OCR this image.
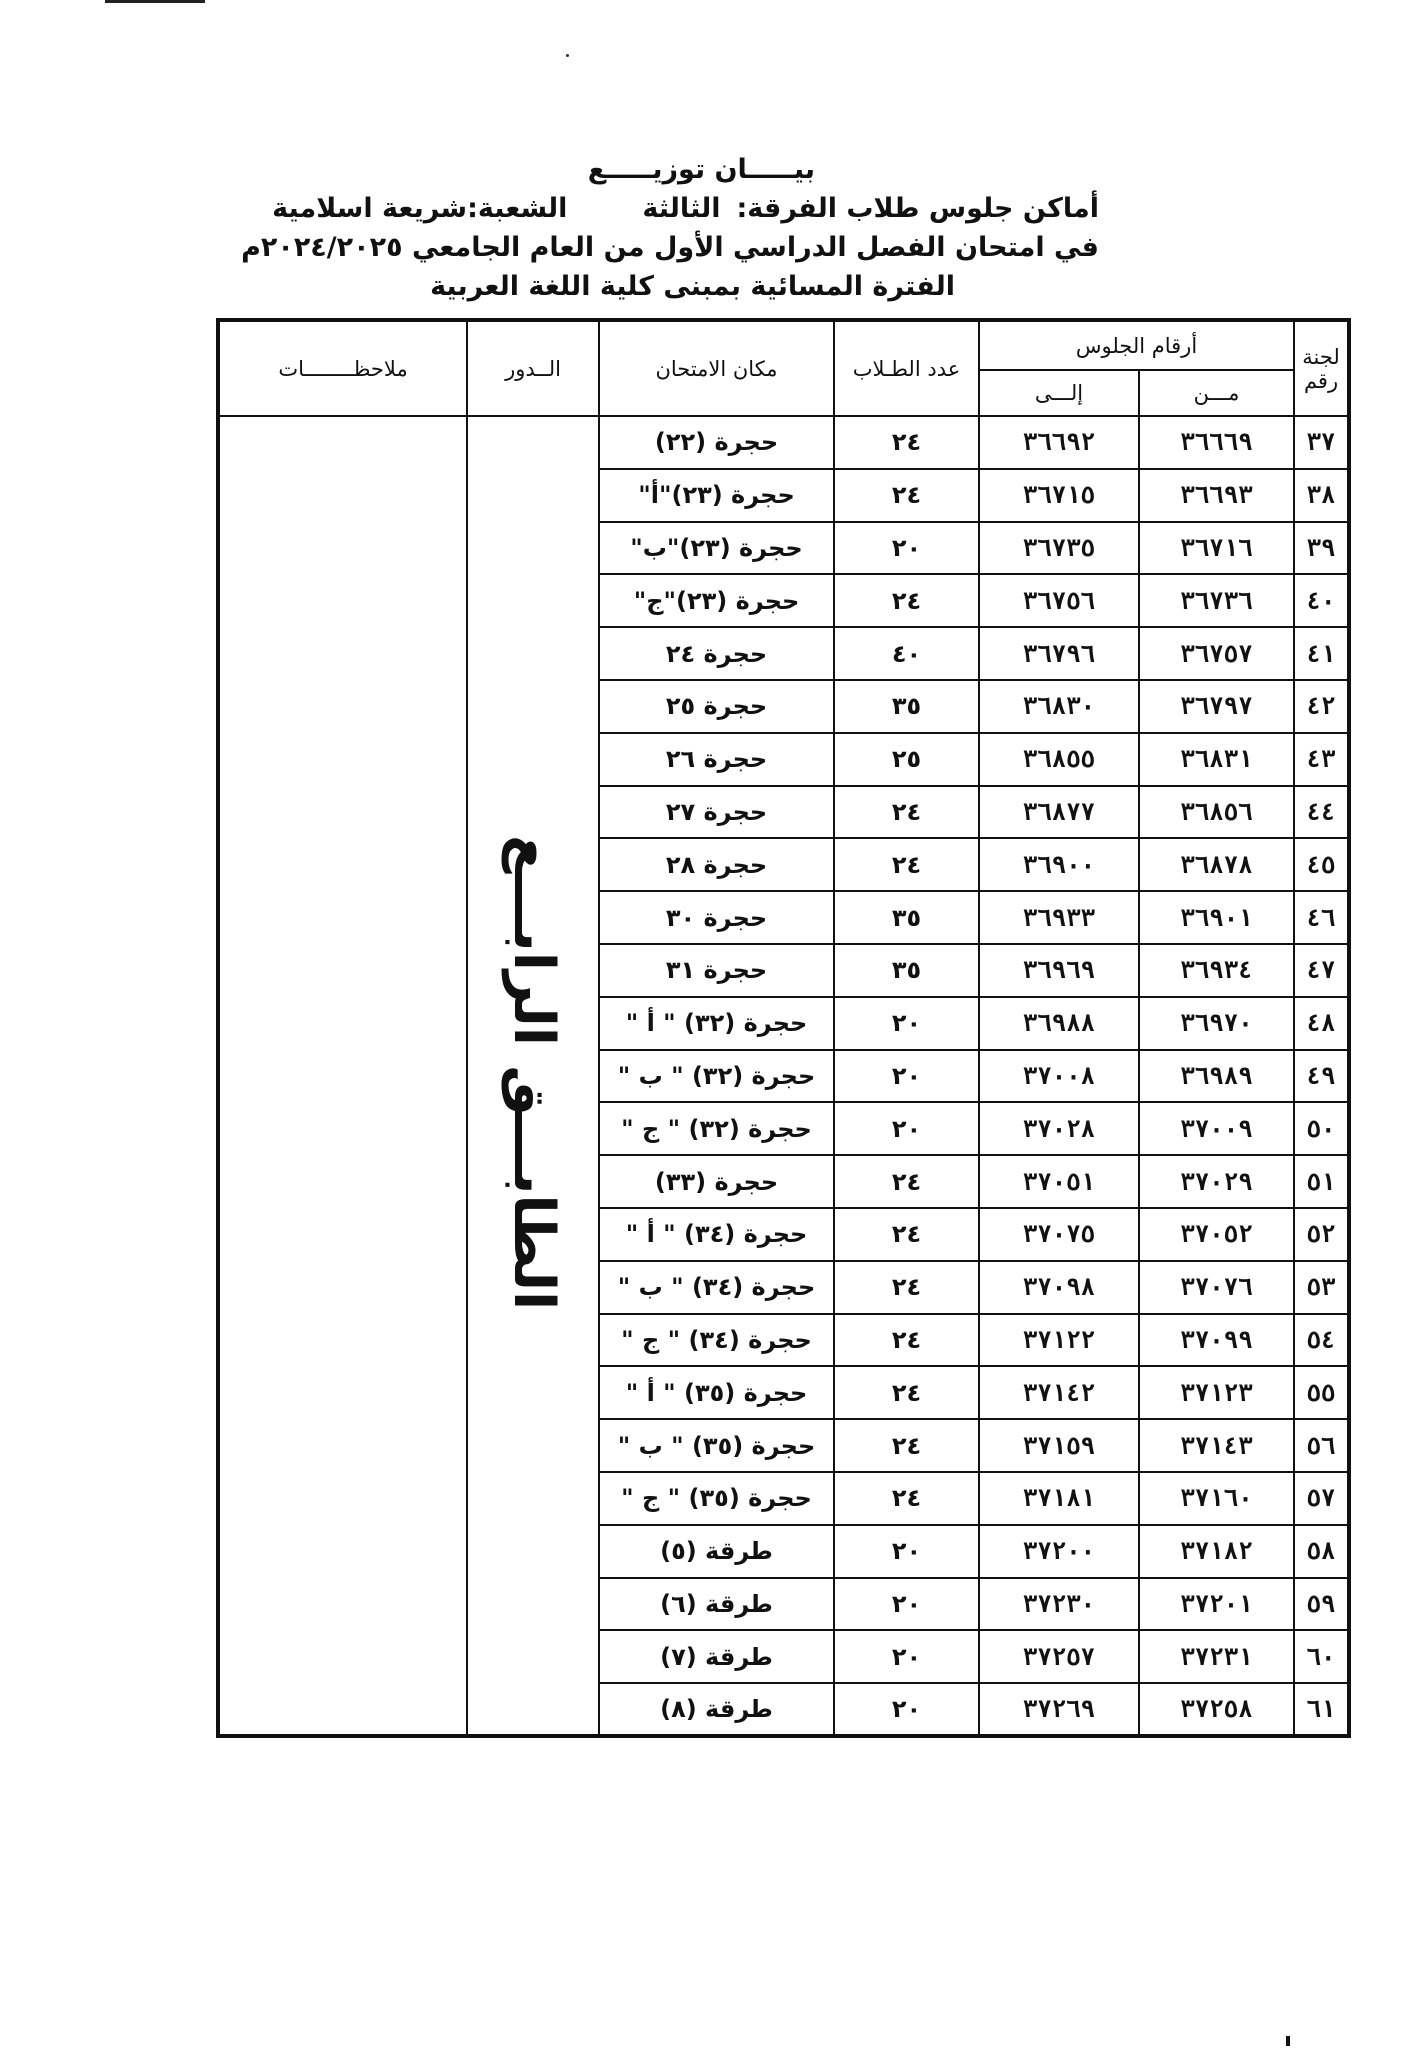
بيـــــان توزيـــــع
أماكن جلوس طلاب الفرقة:
الثالثة
الشعبة:شريعة اسلامية
في امتحان الفصل الدراسي الأول من العام الجامعي ٢٠٢٤/٢٠٢٥م
الفترة المسائية بمبنى كلية اللغة العربية
لجنة
رقم	أرقام الجلوس		عدد الطـلاب	مكان الامتحان	الــدور	ملاحظــــــــات
	مـــن	إلـــى				
٣٧	٣٦٦٦٩	٣٦٦٩٢	٢٤	حجرة (٢٢)	الطابـــق الرابـــع	
٣٨	٣٦٦٩٣	٣٦٧١٥	٢٤	حجرة (٢٣)"أ"		
٣٩	٣٦٧١٦	٣٦٧٣٥	٢٠	حجرة (٢٣)"ب"		
٤٠	٣٦٧٣٦	٣٦٧٥٦	٢٤	حجرة (٢٣)"ج"		
٤١	٣٦٧٥٧	٣٦٧٩٦	٤٠	حجرة ٢٤		
٤٢	٣٦٧٩٧	٣٦٨٣٠	٣٥	حجرة ٢٥		
٤٣	٣٦٨٣١	٣٦٨٥٥	٢٥	حجرة ٢٦		
٤٤	٣٦٨٥٦	٣٦٨٧٧	٢٤	حجرة ٢٧		
٤٥	٣٦٨٧٨	٣٦٩٠٠	٢٤	حجرة ٢٨		
٤٦	٣٦٩٠١	٣٦٩٣٣	٣٥	حجرة ٣٠		
٤٧	٣٦٩٣٤	٣٦٩٦٩	٣٥	حجرة ٣١		
٤٨	٣٦٩٧٠	٣٦٩٨٨	٢٠	حجرة (٣٢) " أ "		
٤٩	٣٦٩٨٩	٣٧٠٠٨	٢٠	حجرة (٣٢) " ب "		
٥٠	٣٧٠٠٩	٣٧٠٢٨	٢٠	حجرة (٣٢) " ج "		
٥١	٣٧٠٢٩	٣٧٠٥١	٢٤	حجرة (٣٣)		
٥٢	٣٧٠٥٢	٣٧٠٧٥	٢٤	حجرة (٣٤) " أ "		
٥٣	٣٧٠٧٦	٣٧٠٩٨	٢٤	حجرة (٣٤) " ب "		
٥٤	٣٧٠٩٩	٣٧١٢٢	٢٤	حجرة (٣٤) " ج "		
٥٥	٣٧١٢٣	٣٧١٤٢	٢٤	حجرة (٣٥) " أ "		
٥٦	٣٧١٤٣	٣٧١٥٩	٢٤	حجرة (٣٥) " ب "		
٥٧	٣٧١٦٠	٣٧١٨١	٢٤	حجرة (٣٥) " ج "		
٥٨	٣٧١٨٢	٣٧٢٠٠	٢٠	طرقة (٥)		
٥٩	٣٧٢٠١	٣٧٢٣٠	٢٠	طرقة (٦)		
٦٠	٣٧٢٣١	٣٧٢٥٧	٢٠	طرقة (٧)		
٦١	٣٧٢٥٨	٣٧٢٦٩	٢٠	طرقة (٨)		
